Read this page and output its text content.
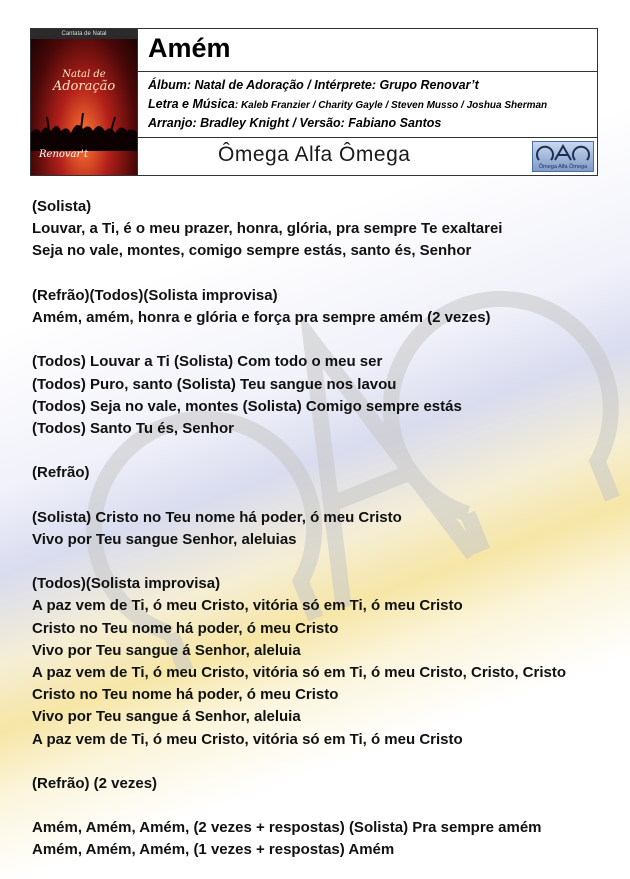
Cantata de Natal
Natal de
Adoração
Renovar't
Amém
Álbum: Natal de Adoração / Intérprete: Grupo Renovar’t
Letra e Música: Kaleb Franzier / Charity Gayle / Steven Musso / Joshua Sherman
Arranjo: Bradley Knight / Versão: Fabiano Santos
Ômega Alfa Ômega
Ômega Alfa Ômega
(Solista)
Louvar, a Ti, é o meu prazer, honra, glória, pra sempre Te exaltarei
Seja no vale, montes, comigo sempre estás, santo és, Senhor
(Refrão)(Todos)(Solista improvisa)
Amém, amém, honra e glória e força pra sempre amém (2 vezes)
(Todos) Louvar a Ti (Solista) Com todo o meu ser
(Todos) Puro, santo (Solista) Teu sangue nos lavou
(Todos) Seja no vale, montes (Solista) Comigo sempre estás
(Todos) Santo Tu és, Senhor
(Refrão)
(Solista) Cristo no Teu nome há poder, ó meu Cristo
Vivo por Teu sangue Senhor, aleluias
(Todos)(Solista improvisa)
A paz vem de Ti, ó meu Cristo, vitória só em Ti, ó meu Cristo
Cristo no Teu nome há poder, ó meu Cristo
Vivo por Teu sangue á Senhor, aleluia
A paz vem de Ti, ó meu Cristo, vitória só em Ti, ó meu Cristo, Cristo, Cristo
Cristo no Teu nome há poder, ó meu Cristo
Vivo por Teu sangue á Senhor, aleluia
A paz vem de Ti, ó meu Cristo, vitória só em Ti, ó meu Cristo
(Refrão) (2 vezes)
Amém, Amém, Amém, (2 vezes + respostas) (Solista) Pra sempre amém
Amém, Amém, Amém, (1 vezes + respostas) Amém
